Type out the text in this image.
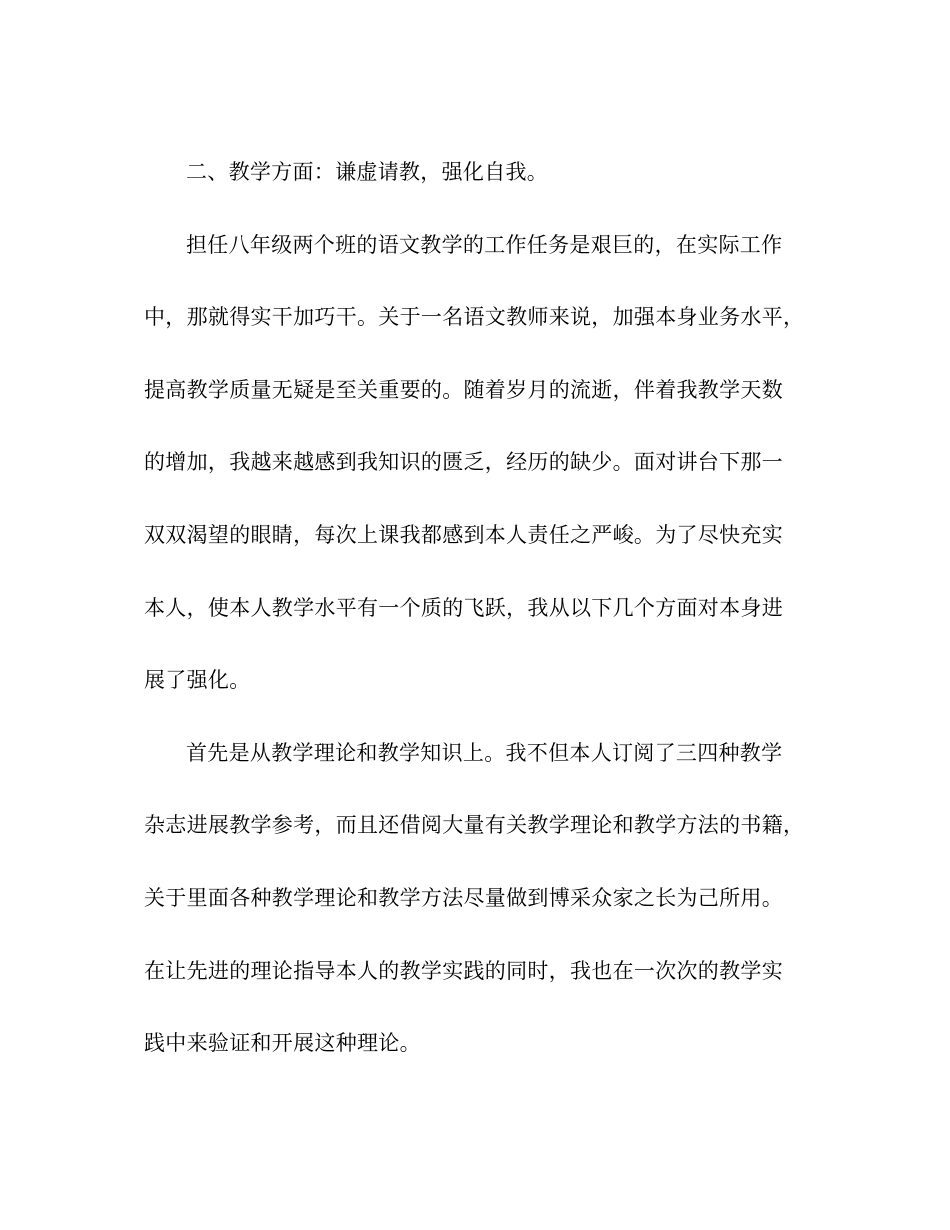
二、教学方面：谦虚请教，强化自我。

担任八年级两个班的语文教学的工作任务是艰巨的，在实际工作
中，那就得实干加巧干。关于一名语文教师来说，加强本身业务水平，
提高教学质量无疑是至关重要的。随着岁月的流逝，伴着我教学天数
的增加，我越来越感到我知识的匮乏，经历的缺少。面对讲台下那一
双双渴望的眼睛，每次上课我都感到本人责任之严峻。为了尽快充实
本人，使本人教学水平有一个质的飞跃，我从以下几个方面对本身进
展了强化。

首先是从教学理论和教学知识上。我不但本人订阅了三四种教学
杂志进展教学参考，而且还借阅大量有关教学理论和教学方法的书籍，
关于里面各种教学理论和教学方法尽量做到博采众家之长为己所用。
在让先进的理论指导本人的教学实践的同时，我也在一次次的教学实
践中来验证和开展这种理论。
